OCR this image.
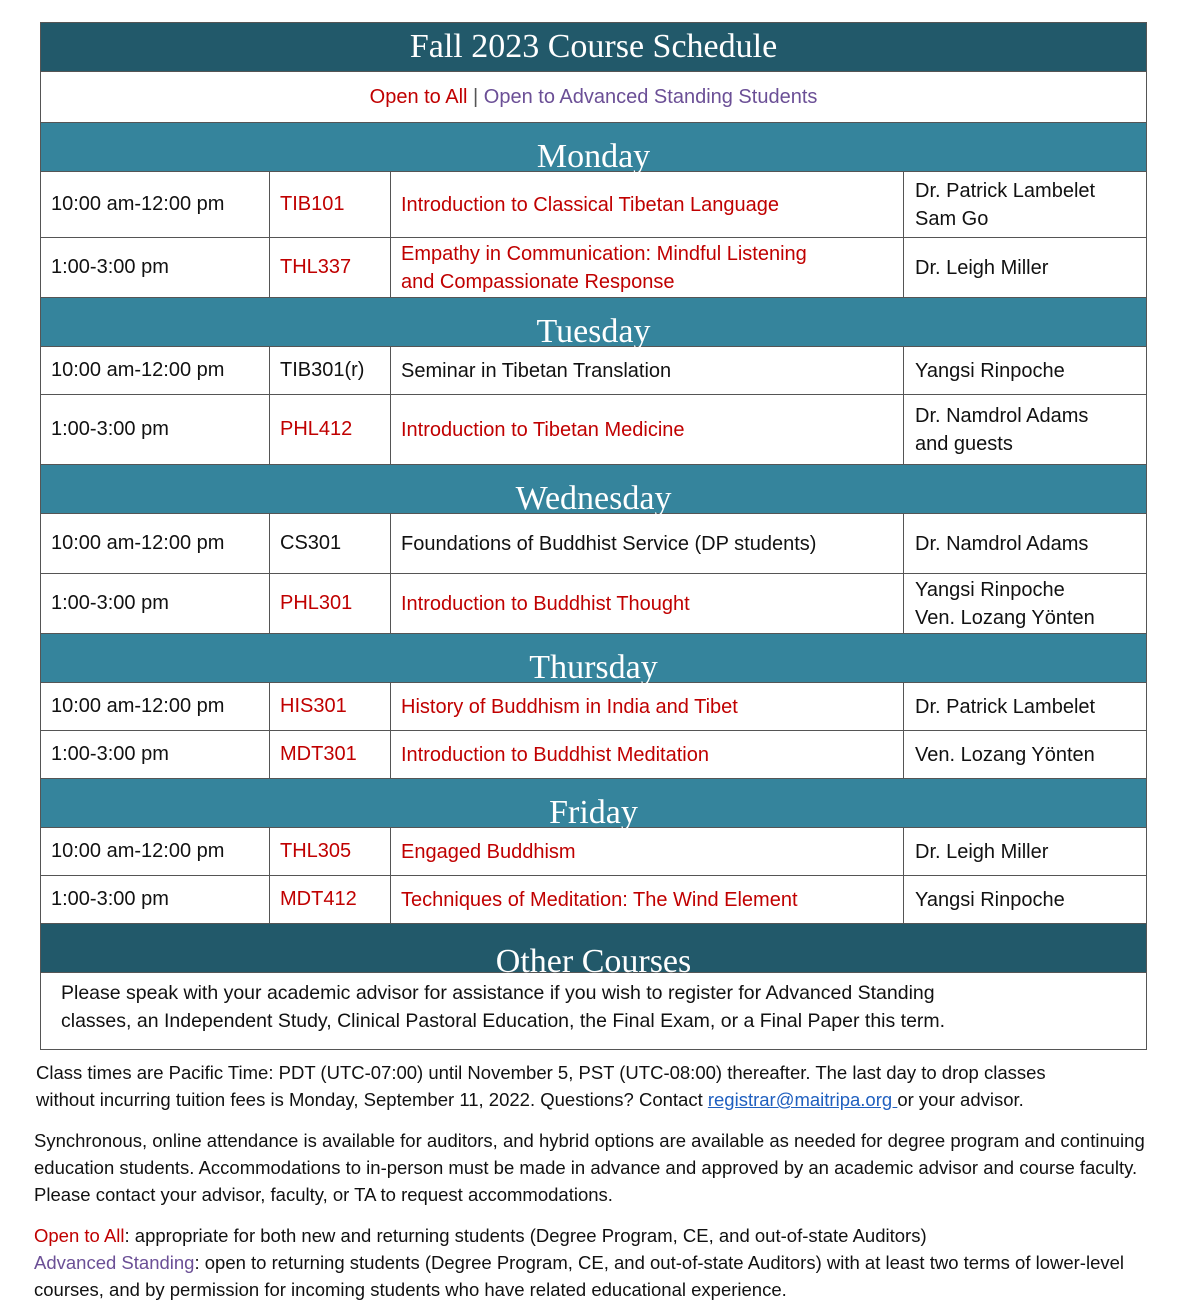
Fall 2023 Course Schedule			
Open to All | Open to Advanced Standing Students			
Monday			
10:00 am-12:00 pm	TIB101	Introduction to Classical Tibetan Language	Dr. Patrick Lambelet
Sam Go

1:00-3:00 pm	THL337	Empathy in Communication: Mindful Listening
and Compassionate Response	Dr. Leigh Miller

Tuesday			
10:00 am-12:00 pm	TIB301(r)	Seminar in Tibetan Translation	Yangsi Rinpoche

1:00-3:00 pm	PHL412	Introduction to Tibetan Medicine	Dr. Namdrol Adams
and guests

Wednesday			
10:00 am-12:00 pm	CS301	Foundations of Buddhist Service (DP students)	Dr. Namdrol Adams

1:00-3:00 pm	PHL301	Introduction to Buddhist Thought	Yangsi Rinpoche
Ven. Lozang Yönten

Thursday			
10:00 am-12:00 pm	HIS301	History of Buddhism in India and Tibet	Dr. Patrick Lambelet

1:00-3:00 pm	MDT301	Introduction to Buddhist Meditation	Ven. Lozang Yönten

Friday			
10:00 am-12:00 pm	THL305	Engaged Buddhism	Dr. Leigh Miller

1:00-3:00 pm	MDT412	Techniques of Meditation: The Wind Element	Yangsi Rinpoche

Other Courses			

Please speak with your academic advisor for assistance if you wish to register for Advanced Standing
classes, an Independent Study, Clinical Pastoral Education, the Final Exam, or a Final Paper this term.			
Class times are Pacific Time: PDT (UTC-07:00) until November 5, PST (UTC-08:00) thereafter. The last day to drop classes
without incurring tuition fees is Monday, September 11, 2022. Questions? Contact registrar@maitripa.org or your advisor.
Synchronous, online attendance is available for auditors, and hybrid options are available as needed for degree program and continuing education students. Accommodations to in-person must be made in advance and approved by an academic advisor and course faculty. Please contact your advisor, faculty, or TA to request accommodations.
Open to All: appropriate for both new and returning students (Degree Program, CE, and out-of-state Auditors)
Advanced Standing: open to returning students (Degree Program, CE, and out-of-state Auditors) with at least two terms of lower-level courses, and by permission for incoming students who have related educational experience.
